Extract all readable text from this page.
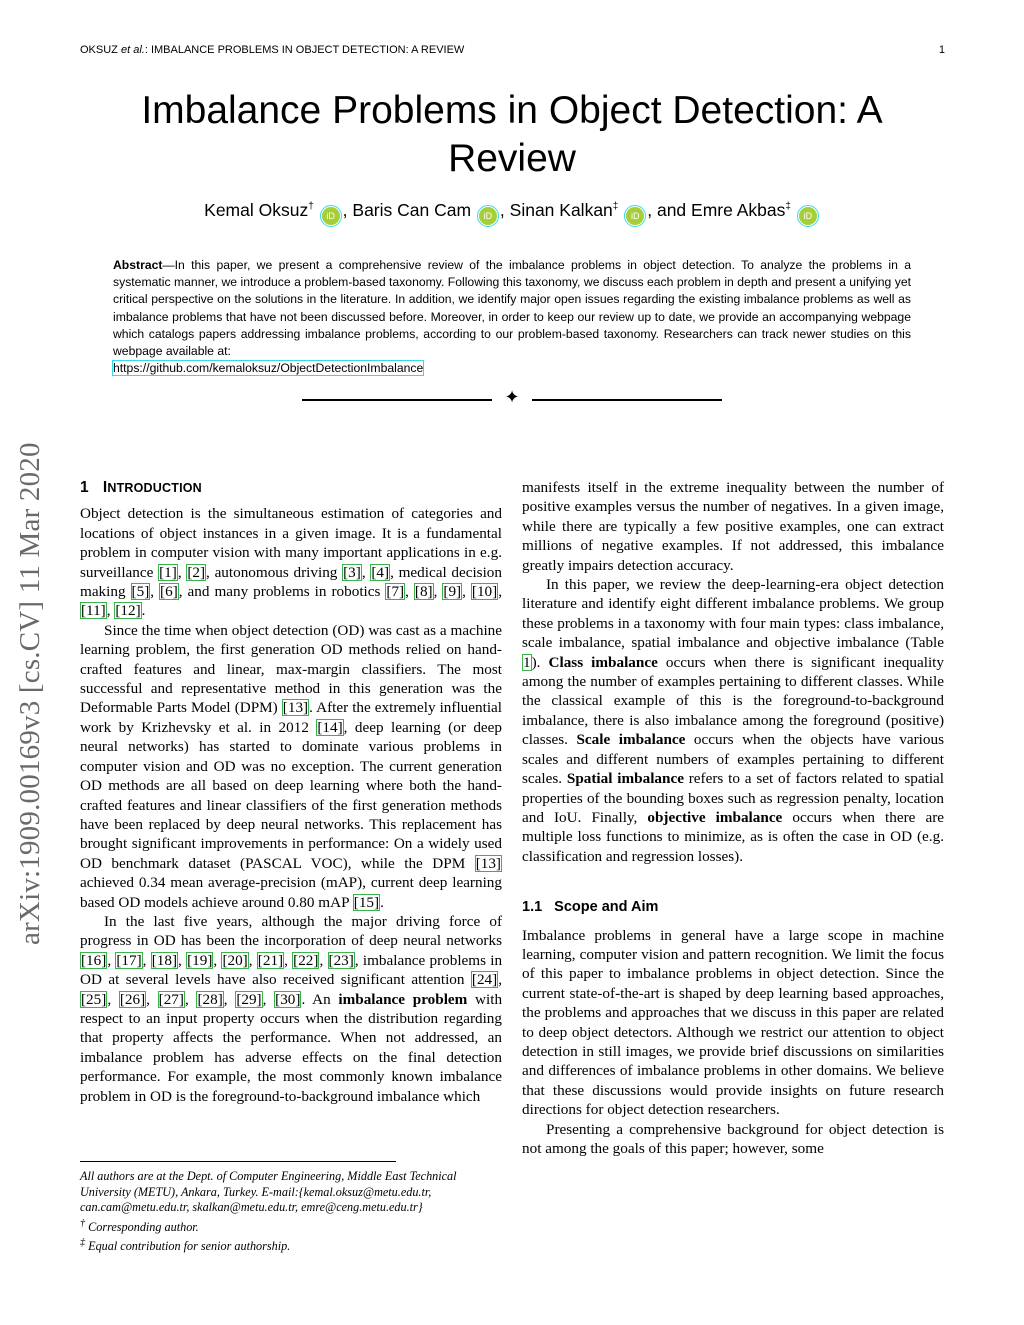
OKSUZ et al.: IMBALANCE PROBLEMS IN OBJECT DETECTION: A REVIEW	1
arXiv:1909.00169v3 [cs.CV] 11 Mar 2020
Imbalance Problems in Object Detection: A Review
Kemal Oksuz† iD , Baris Can Cam iD , Sinan Kalkan‡ iD , and Emre Akbas‡ iD
Abstract—In this paper, we present a comprehensive review of the imbalance problems in object detection. To analyze the problems in a systematic manner, we introduce a problem-based taxonomy. Following this taxonomy, we discuss each problem in depth and present a unifying yet critical perspective on the solutions in the literature. In addition, we identify major open issues regarding the existing imbalance problems as well as imbalance problems that have not been discussed before. Moreover, in order to keep our review up to date, we provide an accompanying webpage which catalogs papers addressing imbalance problems, according to our problem-based taxonomy. Researchers can track newer studies on this webpage available at:
https://github.com/kemaloksuz/ObjectDetectionImbalance
✦
1 INTRODUCTION

Object detection is the simultaneous estimation of categories and locations of object instances in a given image. It is a fundamental problem in computer vision with many important applications in e.g. surveillance [1], [2], autonomous driving [3], [4], medical decision making [5], [6], and many problems in robotics [7], [8], [9], [10], [11], [12].

Since the time when object detection (OD) was cast as a machine learning problem, the first generation OD methods relied on hand-crafted features and linear, max-margin classifiers. The most successful and representative method in this generation was the Deformable Parts Model (DPM) [13]. After the extremely influential work by Krizhevsky et al. in 2012 [14], deep learning (or deep neural networks) has started to dominate various problems in computer vision and OD was no exception. The current generation OD methods are all based on deep learning where both the hand-crafted features and linear classifiers of the first generation methods have been replaced by deep neural networks. This replacement has brought significant improvements in performance: On a widely used OD benchmark dataset (PASCAL VOC), while the DPM [13] achieved 0.34 mean average-precision (mAP), current deep learning based OD models achieve around 0.80 mAP [15].

In the last five years, although the major driving force of progress in OD has been the incorporation of deep neural networks [16], [17], [18], [19], [20], [21], [22], [23], imbalance problems in OD at several levels have also received significant attention [24], [25], [26], [27], [28], [29], [30]. An imbalance problem with respect to an input property occurs when the distribution regarding that property affects the performance. When not addressed, an imbalance problem has adverse effects on the final detection performance. For example, the most commonly known imbalance problem in OD is the foreground-to-background imbalance which

manifests itself in the extreme inequality between the number of positive examples versus the number of negatives. In a given image, while there are typically a few positive examples, one can extract millions of negative examples. If not addressed, this imbalance greatly impairs detection accuracy.

In this paper, we review the deep-learning-era object detection literature and identify eight different imbalance problems. We group these problems in a taxonomy with four main types: class imbalance, scale imbalance, spatial imbalance and objective imbalance (Table 1). Class imbalance occurs when there is significant inequality among the number of examples pertaining to different classes. While the classical example of this is the foreground-to-background imbalance, there is also imbalance among the foreground (positive) classes. Scale imbalance occurs when the objects have various scales and different numbers of examples pertaining to different scales. Spatial imbalance refers to a set of factors related to spatial properties of the bounding boxes such as regression penalty, location and IoU. Finally, objective imbalance occurs when there are multiple loss functions to minimize, as is often the case in OD (e.g. classification and regression losses).

1.1 Scope and Aim

Imbalance problems in general have a large scope in machine learning, computer vision and pattern recognition. We limit the focus of this paper to imbalance problems in object detection. Since the current state-of-the-art is shaped by deep learning based approaches, the problems and approaches that we discuss in this paper are related to deep object detectors. Although we restrict our attention to object detection in still images, we provide brief discussions on similarities and differences of imbalance problems in other domains. We believe that these discussions would provide insights on future research directions for object detection researchers.

Presenting a comprehensive background for object detection is not among the goals of this paper; however, some

All authors are at the Dept. of Computer Engineering, Middle East Technical University (METU), Ankara, Turkey. E-mail:{kemal.oksuz@metu.edu.tr, can.cam@metu.edu.tr, skalkan@metu.edu.tr, emre@ceng.metu.edu.tr}

† Corresponding author.

‡ Equal contribution for senior authorship.
